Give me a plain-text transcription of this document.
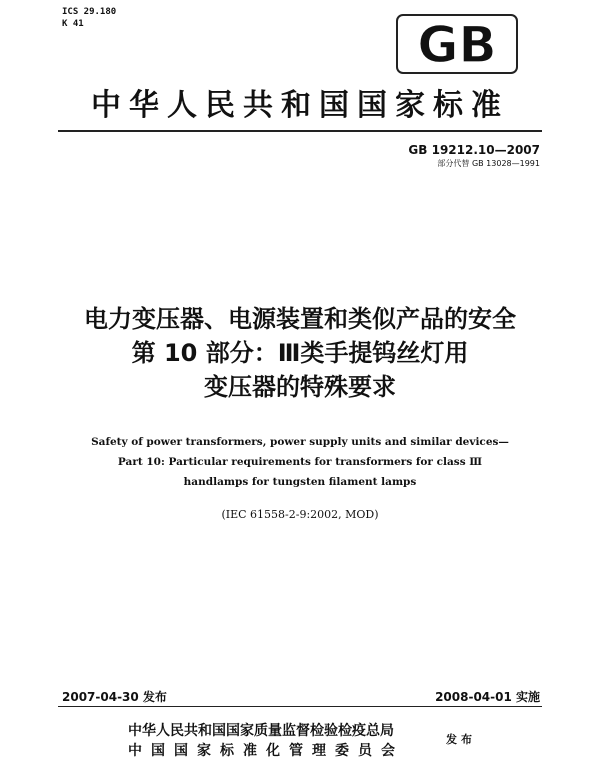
ICS 29.180
K 41	GB
中华人民共和国国家标准
GB 19212.10—2007
部分代替 GB 13028—1991
电力变压器、电源装置和类似产品的安全
第 10 部分：Ⅲ类手提钨丝灯用
变压器的特殊要求
Safety of power transformers, power supply units and similar devices—
Part 10: Particular requirements for transformers for class Ⅲ
handlamps for tungsten filament lamps
(IEC 61558-2-9:2002, MOD)
2007-04-30 发布	2008-04-01 实施
中华人民共和国国家质量监督检验检疫总局
中国国家标准化管理委员会
发布
